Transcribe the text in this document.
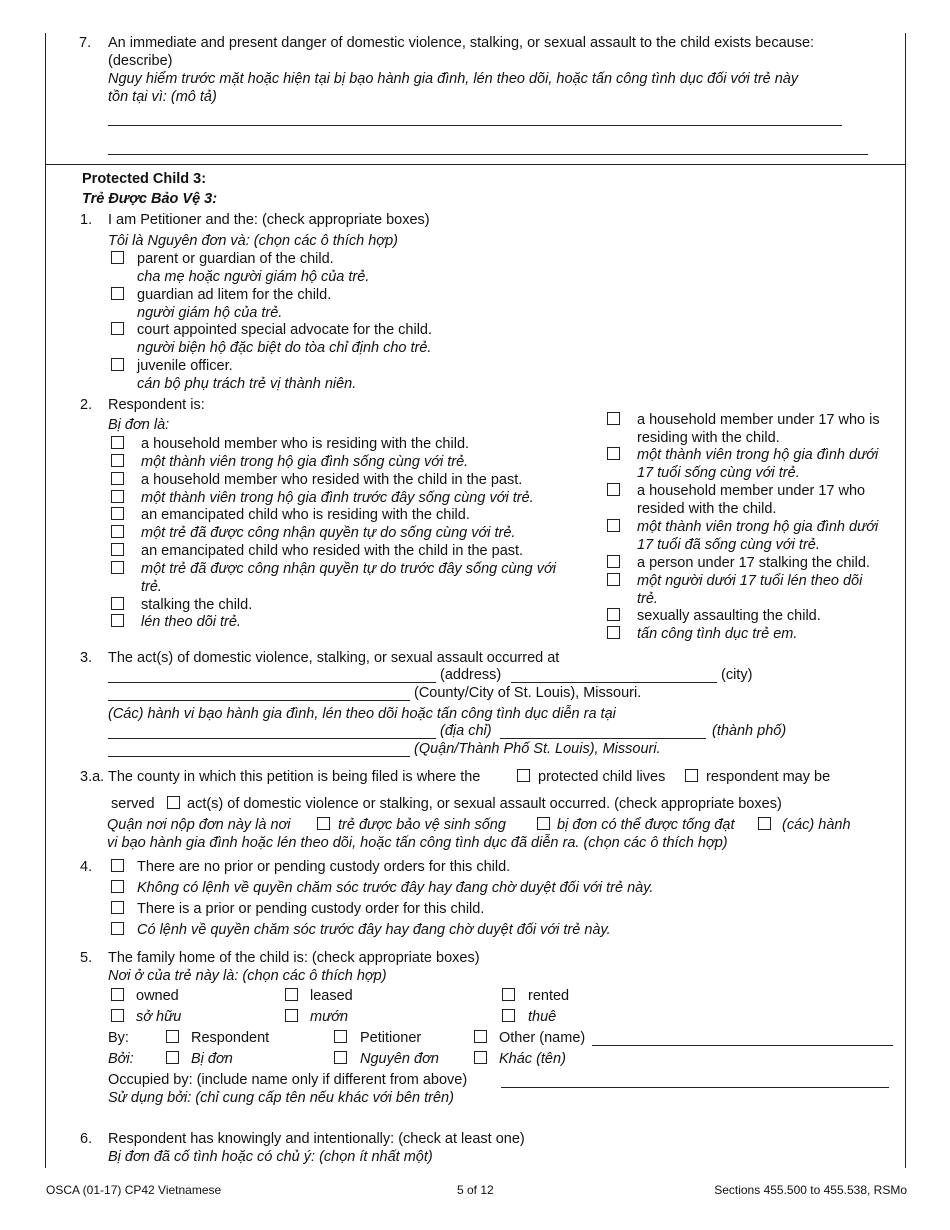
7. An immediate and present danger of domestic violence, stalking, or sexual assault to the child exists because:
(describe)
Nguy hiểm trước mặt hoặc hiện tại bị bạo hành gia đình, lén theo dõi, hoặc tấn công tình dục đối với trẻ này
tồn tại vì: (mô tả)
Protected Child 3:
Trẻ Được Bảo Vệ 3:
1. I am Petitioner and the: (check appropriate boxes)
Tôi là Nguyên đơn và: (chọn các ô thích hợp)
parent or guardian of the child.
cha mẹ hoặc người giám hộ của trẻ.
guardian ad litem for the child.
người giám hộ của trẻ.
court appointed special advocate for the child.
người biện hộ đặc biệt do tòa chỉ định cho trẻ.
juvenile officer.
cán bộ phụ trách trẻ vị thành niên.
2. Respondent is:
Bị đơn là:
a household member who is residing with the child.
một thành viên trong hộ gia đình sống cùng với trẻ.
a household member who resided with the child in the past.
một thành viên trong hộ gia đình trước đây sống cùng với trẻ.
an emancipated child who is residing with the child.
một trẻ đã được công nhận quyền tự do sống cùng với trẻ.
an emancipated child who resided with the child in the past.
một trẻ đã được công nhận quyền tự do trước đây sống cùng với
trẻ.
stalking the child.
lén theo dõi trẻ.
a household member under 17 who is
residing with the child.
một thành viên trong hộ gia đình dưới
17 tuổi sống cùng với trẻ.
a household member under 17 who
resided with the child.
một thành viên trong hộ gia đình dưới
17 tuổi đã sống cùng với trẻ.
a person under 17 stalking the child.
một người dưới 17 tuổi lén theo dõi
trẻ.
sexually assaulting the child.
tấn công tình dục trẻ em.
3. The act(s) of domestic violence, stalking, or sexual assault occurred at
(address)	(city)
(County/City of St. Louis), Missouri.
(Các) hành vi bạo hành gia đình, lén theo dõi hoặc tấn công tình dục diễn ra tại
(địa chỉ)	(thành phố)
(Quận/Thành Phố St. Louis), Missouri.
3.a. The county in which this petition is being filed is where the	protected child lives	respondent may be
served act(s) of domestic violence or stalking, or sexual assault occurred. (check appropriate boxes)
Quận nơi nộp đơn này là nơi	trẻ được bảo vệ sinh sống	bị đơn có thể được tống đạt	(các) hành
vi bạo hành gia đình hoặc lén theo dõi, hoặc tấn công tình dục đã diễn ra. (chọn các ô thích hợp)
4.	There are no prior or pending custody orders for this child.
Không có lệnh về quyền chăm sóc trước đây hay đang chờ duyệt đối với trẻ này.
There is a prior or pending custody order for this child.
Có lệnh về quyền chăm sóc trước đây hay đang chờ duyệt đối với trẻ này.
5. The family home of the child is: (check appropriate boxes)
Nơi ở của trẻ này là: (chọn các ô thích hợp)
owned	leased	rented
sở hữu	mướn	thuê
By:	Respondent	Petitioner	Other (name)
Bởi:	Bị đơn	Nguyên đơn	Khác (tên)
Occupied by: (include name only if different from above)
Sử dụng bởi: (chỉ cung cấp tên nếu khác với bên trên)
6. Respondent has knowingly and intentionally: (check at least one)
Bị đơn đã cố tình hoặc có chủ ý: (chọn ít nhất một)
OSCA (01-17) CP42 Vietnamese	5 of 12	Sections 455.500 to 455.538, RSMo
